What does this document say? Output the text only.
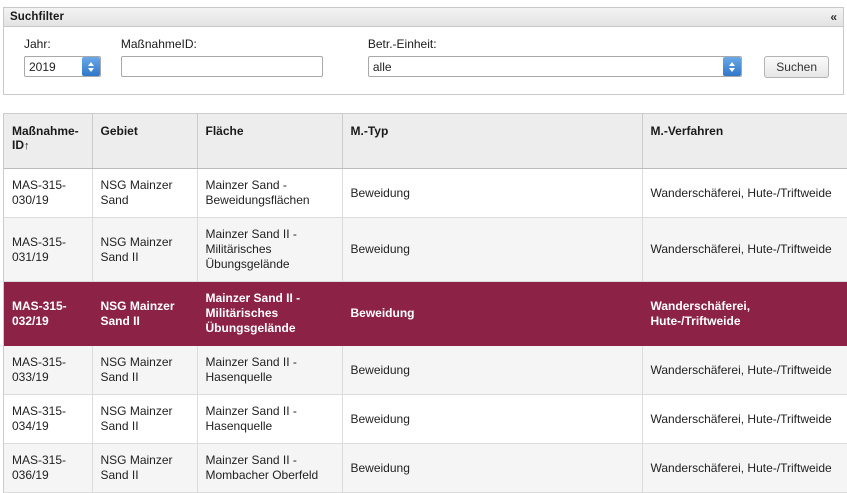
Suchfilter	«
Jahr:
2019	MaßnahmeID:	Betr.-Einheit:
alle
Suchen
Maßnahme-ID↑	Gebiet	Fläche	M.-Typ	M.-Verfahren
MAS-315-030/19	NSG Mainzer Sand	Mainzer Sand - Beweidungsflächen	Beweidung	Wanderschäferei, Hute-/Triftweide
MAS-315-031/19	NSG Mainzer Sand II	Mainzer Sand II - Militärisches Übungsgelände	Beweidung	Wanderschäferei, Hute-/Triftweide
MAS-315-032/19	NSG Mainzer Sand II	Mainzer Sand II - Militärisches Übungsgelände	Beweidung	Wanderschäferei, Hute-/Triftweide
MAS-315-033/19	NSG Mainzer Sand II	Mainzer Sand II - Hasenquelle	Beweidung	Wanderschäferei, Hute-/Triftweide
MAS-315-034/19	NSG Mainzer Sand II	Mainzer Sand II - Hasenquelle	Beweidung	Wanderschäferei, Hute-/Triftweide
MAS-315-036/19	NSG Mainzer Sand II	Mainzer Sand II - Mombacher Oberfeld	Beweidung	Wanderschäferei, Hute-/Triftweide
